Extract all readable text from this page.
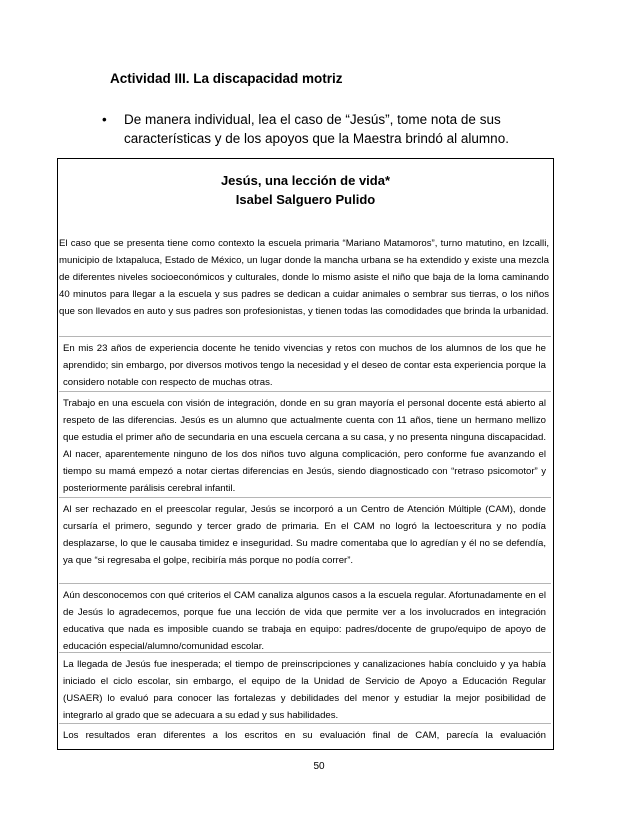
Actividad III. La discapacidad motriz
• De manera individual, lea el caso de “Jesús”, tome nota de sus características y de los apoyos que la Maestra brindó al alumno.
Jesús, una lección de vida*
Isabel Salguero Pulido
El caso que se presenta tiene como contexto la escuela primaria “Mariano Matamoros”, turno matutino, en Izcalli, municipio de Ixtapaluca, Estado de México, un lugar donde la mancha urbana se ha extendido y existe una mezcla de diferentes niveles socioeconómicos y culturales, donde lo mismo asiste el niño que baja de la loma caminando 40 minutos para llegar a la escuela y sus padres se dedican a cuidar animales o sembrar sus tierras, o los niños que son llevados en auto y sus padres son profesionistas, y tienen todas las comodidades que brinda la urbanidad.
En mis 23 años de experiencia docente he tenido vivencias y retos con muchos de los alumnos de los que he aprendido; sin embargo, por diversos motivos tengo la necesidad y el deseo de contar esta experiencia porque la considero notable con respecto de muchas otras.
Trabajo en una escuela con visión de integración, donde en su gran mayoría el personal docente está abierto al respeto de las diferencias. Jesús es un alumno que actualmente cuenta con 11 años, tiene un hermano mellizo que estudia el primer año de secundaria en una escuela cercana a su casa, y no presenta ninguna discapacidad. Al nacer, aparentemente ninguno de los dos niños tuvo alguna complicación, pero conforme fue avanzando el tiempo su mamá empezó a notar ciertas diferencias en Jesús, siendo diagnosticado con “retraso psicomotor” y posteriormente parálisis cerebral infantil.
Al ser rechazado en el preescolar regular, Jesús se incorporó a un Centro de Atención Múltiple (CAM), donde cursaría el primero, segundo y tercer grado de primaria. En el CAM no logró la lectoescritura y no podía desplazarse, lo que le causaba timidez e inseguridad. Su madre comentaba que lo agredían y él no se defendía, ya que “si regresaba el golpe, recibiría más porque no podía correr”.
Aún desconocemos con qué criterios el CAM canaliza algunos casos a la escuela regular. Afortunadamente en el de Jesús lo agradecemos, porque fue una lección de vida que permite ver a los involucrados en integración educativa que nada es imposible cuando se trabaja en equipo: padres/docente de grupo/equipo de apoyo de educación especial/alumno/comunidad escolar.
La llegada de Jesús fue inesperada; el tiempo de preinscripciones y canalizaciones había concluido y ya había iniciado el ciclo escolar, sin embargo, el equipo de la Unidad de Servicio de Apoyo a Educación Regular (USAER) lo evaluó para conocer las fortalezas y debilidades del menor y estudiar la mejor posibilidad de integrarlo al grado que se adecuara a su edad y sus habilidades.
Los resultados eran diferentes a los escritos en su evaluación final de CAM, parecía la evaluación
50
